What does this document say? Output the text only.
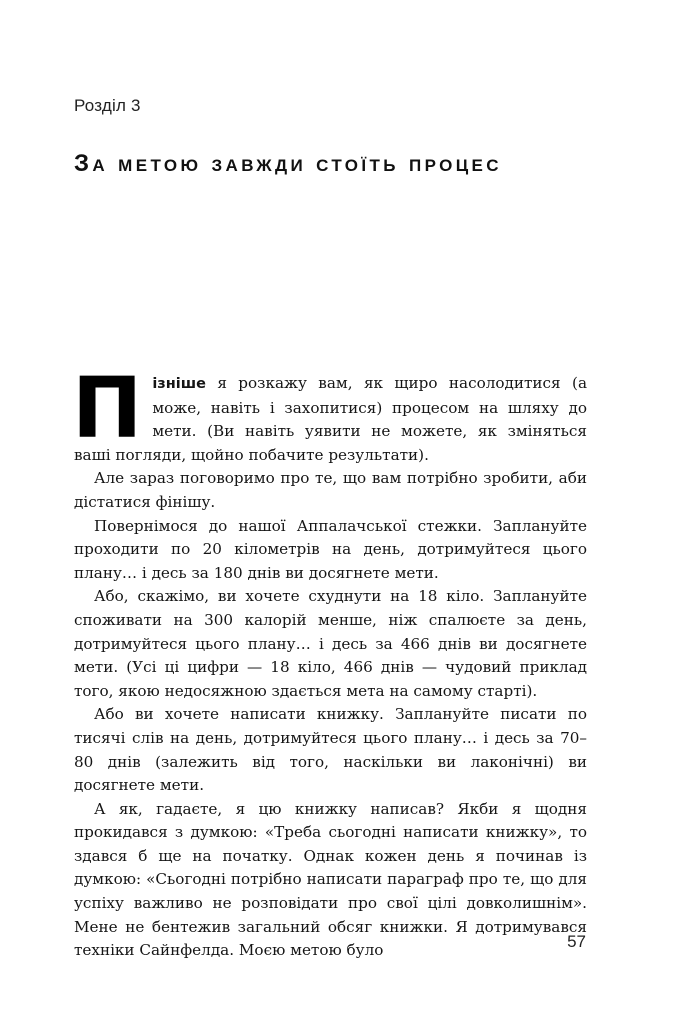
Розділ 3
За метою завжди стоїть процес

Пізніше я розкажу вам, як щиро насолодитися (а може, навіть і захопитися) процесом на шляху до мети. (Ви навіть уявити не можете, як зміняться ваші погляди, щойно побачите результати).

Але зараз поговоримо про те, що вам потрібно зробити, аби дістатися фінішу.

Повернімося до нашої Аппалачської стежки. Заплануйте проходити по 20 кілометрів на день, дотримуйтеся цього плану… і десь за 180 днів ви досягнете мети.

Або, скажімо, ви хочете схуднути на 18 кіло. Заплануйте споживати на 300 калорій менше, ніж спалюєте за день, дотримуйтеся цього плану… і десь за 466 днів ви досягнете мети. (Усі ці цифри — 18 кіло, 466 днів — чудовий приклад того, якою недосяжною здається мета на самому старті).

Або ви хочете написати книжку. Заплануйте писати по тисячі слів на день, дотримуйтеся цього плану… і десь за 70–80 днів (залежить від того, наскільки ви лаконічні) ви досягнете мети.

А як, гадаєте, я цю книжку написав? Якби я щодня прокидався з думкою: «Треба сьогодні написати книжку», то здався б ще на початку. Однак кожен день я починав із думкою: «Сьогодні потрібно написати параграф про те, що для успіху важливо не розповідати про свої цілі довколишнім». Мене не бентежив загальний обсяг книжки. Я дотримувався техніки Сайнфелда. Моєю метою було	57
